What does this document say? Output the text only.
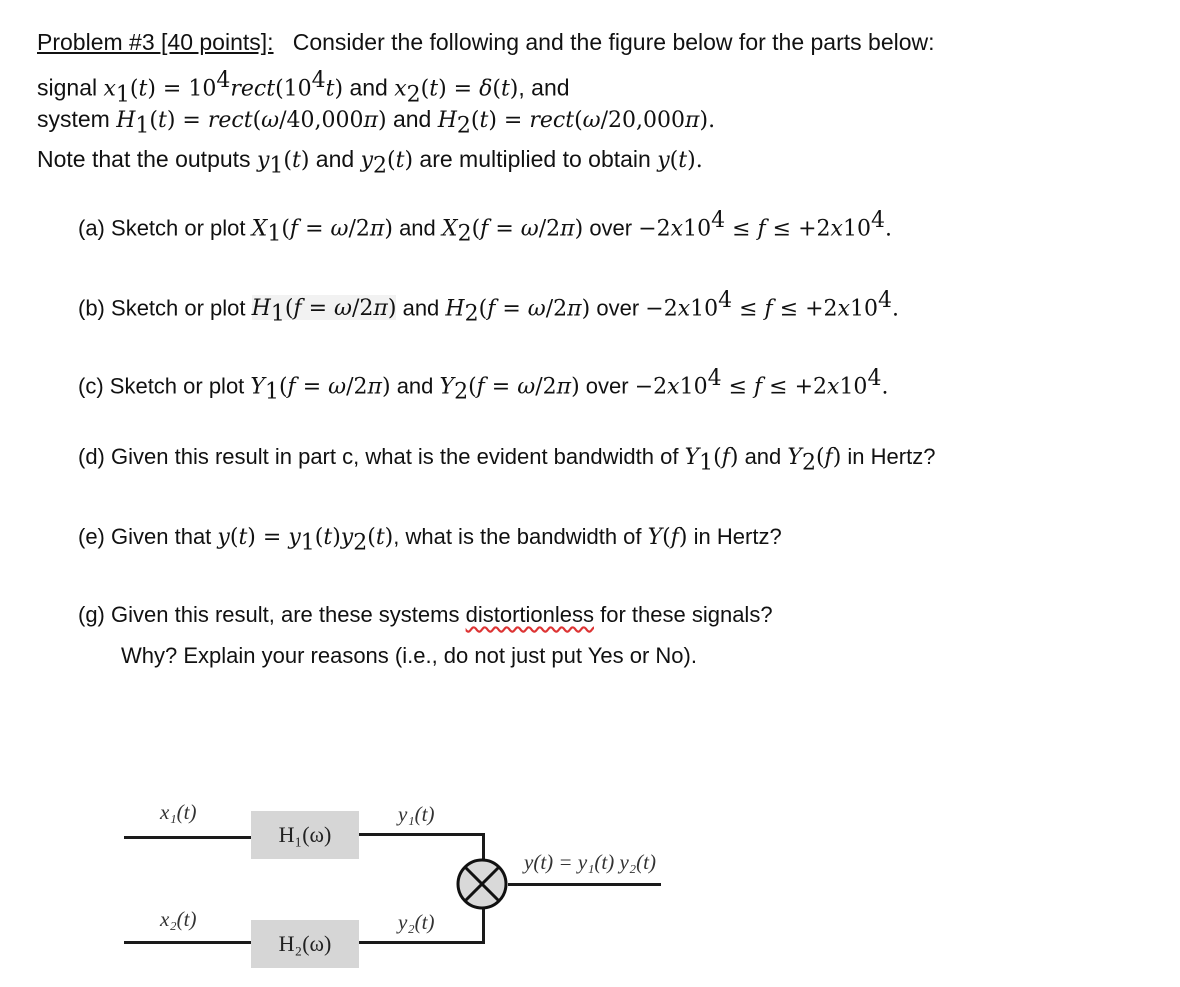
Problem #3 [40 points]: Consider the following and the figure below for the parts below:
signal $x_1(t)$ = $10^4rect(10^4t)$ and $x_2(t) = \delta(t)$, and
system $H_1(t)$ = rect(ω/40,000π) and $H_2(t)$ = rect(ω/20,000π).
Note that the outputs $y_1(t)$ and $y_2(t)$ are multiplied to obtain y(t).
(a) Sketch or plot $X_1(f = \omega/2\pi)$ and $X_2(f = \omega/2\pi)$ over $-2x10^4 \le f \le +2x10^4$.
(b) Sketch or plot $H_1(f = \omega/2\pi)$ and $H_2(f = \omega/2\pi)$ over $-2x10^4 \le f \le +2x10^4$.
(c) Sketch or plot $Y_1(f = \omega/2\pi)$ and $Y_2(f = \omega/2\pi)$ over $-2x10^4 \le f \le +2x10^4$.
(d) Given this result in part c, what is the evident bandwidth of $Y_1(f)$ and $Y_2(f)$ in Hertz?
(e) Given that $y(t) = y_1(t)y_2(t)$, what is the bandwidth of Y(f) in Hertz?
(g) Given this result, are these systems distortionless for these signals?
Why? Explain your reasons (i.e., do not just put Yes or No).
x₁(t)
H₁(ω)
y₁(t)
x₂(t)
H₂(ω)
y₂(t)
y(t) = y₁(t) y₂(t)
